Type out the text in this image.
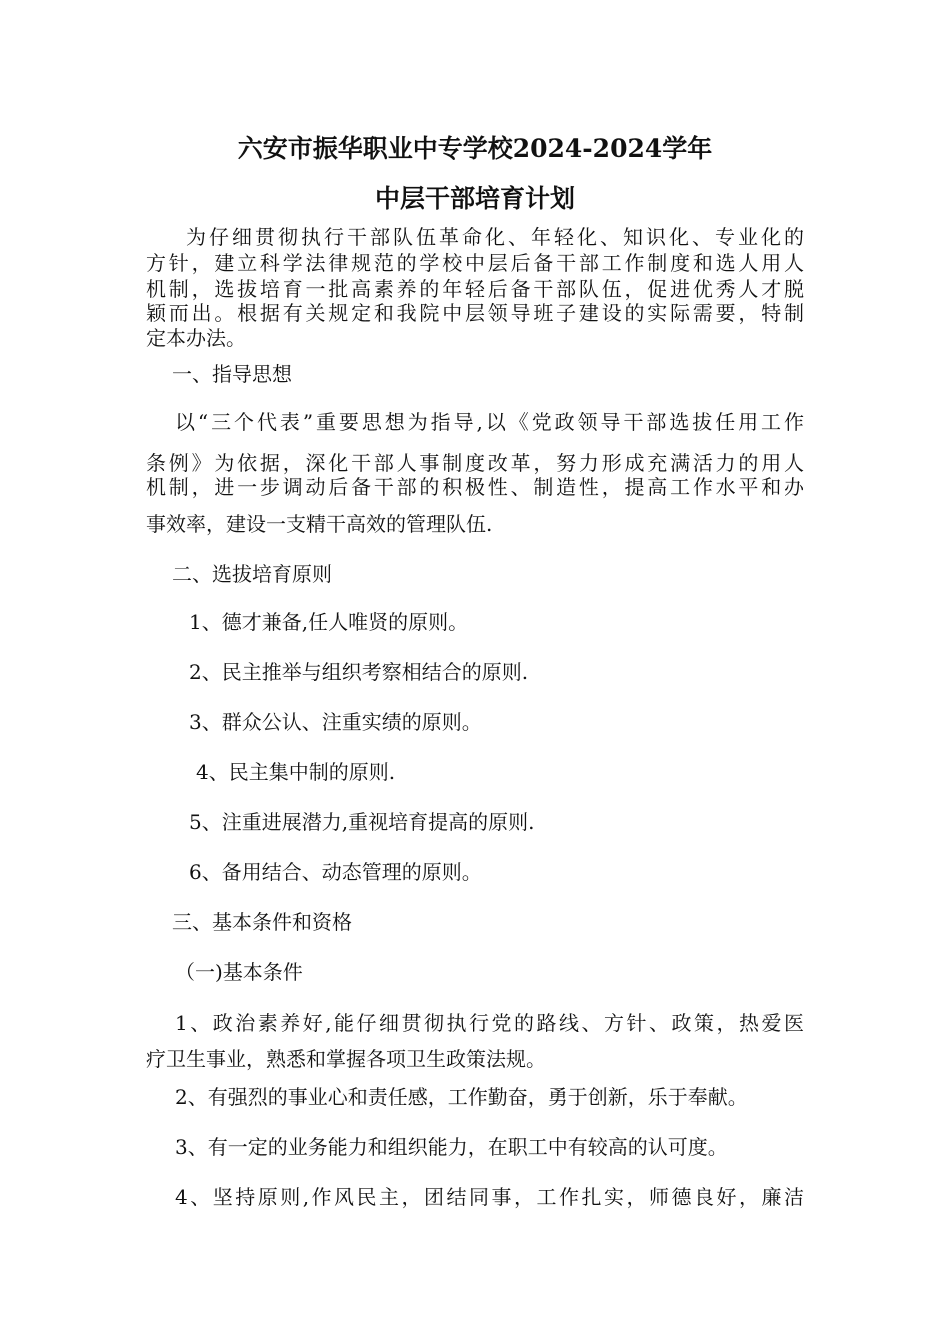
六安市振华职业中专学校2024-2024学年
中层干部培育计划
为仔细贯彻执行干部队伍革命化、年轻化、知识化、专业化的
方针，建立科学法律规范的学校中层后备干部工作制度和选人用人
机制，选拔培育一批高素养的年轻后备干部队伍，促进优秀人才脱
颖而出。根据有关规定和我院中层领导班子建设的实际需要，特制
定本办法。
一、指导思想
以“三个代表”重要思想为指导,以《党政领导干部选拔任用工作
条例》为依据，深化干部人事制度改革，努力形成充满活力的用人
机制，进一步调动后备干部的积极性、制造性，提高工作水平和办
事效率，建设一支精干高效的管理队伍.
二、选拔培育原则
1、德才兼备,任人唯贤的原则。
2、民主推举与组织考察相结合的原则.
3、群众公认、注重实绩的原则。
4、民主集中制的原则.
5、注重进展潜力,重视培育提高的原则.
6、备用结合、动态管理的原则。
三、基本条件和资格
（一)基本条件
1、政治素养好,能仔细贯彻执行党的路线、方针、政策，热爱医
疗卫生事业，熟悉和掌握各项卫生政策法规。
2、有强烈的事业心和责任感，工作勤奋，勇于创新，乐于奉献。
3、有一定的业务能力和组织能力，在职工中有较高的认可度。
4、坚持原则,作风民主，团结同事，工作扎实，师德良好，廉洁
